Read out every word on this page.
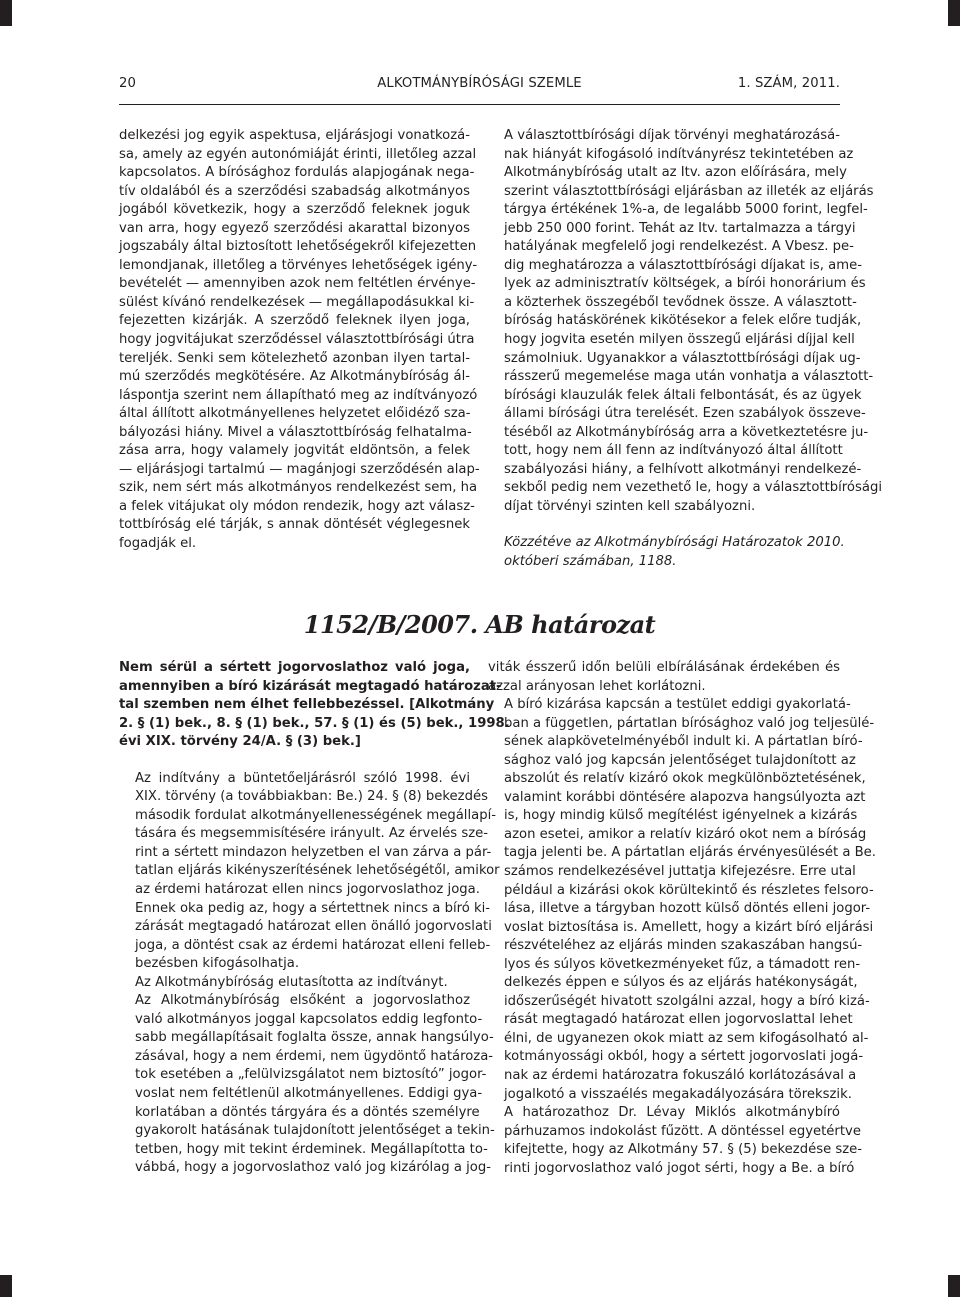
20	ALKOTMÁNYBÍRÓSÁGI SZEMLE	1. SZÁM, 2011.

delkezési jog egyik aspektusa, eljárásjogi vonatkozá-
sa, amely az egyén autonómiáját érinti, illetőleg azzal
kapcsolatos. A bírósághoz fordulás alapjogának nega-
tív oldalából és a szerződési szabadság alkotmányos
jogából következik, hogy a szerződő feleknek joguk
van arra, hogy egyező szerződési akarattal bizonyos
jogszabály által biztosított lehetőségekről kifejezetten
lemondjanak, illetőleg a törvényes lehetőségek igény-
bevételét — amennyiben azok nem feltétlen érvénye-
sülést kívánó rendelkezések — megállapodásukkal ki-
fejezetten kizárják. A szerződő feleknek ilyen joga,
hogy jogvitájukat szerződéssel választottbírósági útra
tereljék. Senki sem kötelezhető azonban ilyen tartal-
mú szerződés megkötésére. Az Alkotmánybíróság ál-
láspontja szerint nem állapítható meg az indítványozó
által állított alkotmányellenes helyzetet előidéző sza-
bályozási hiány. Mivel a választottbíróság felhatalma-
zása arra, hogy valamely jogvitát eldöntsön, a felek
— eljárásjogi tartalmú — magánjogi szerződésén alap-
szik, nem sért más alkotmányos rendelkezést sem, ha
a felek vitájukat oly módon rendezik, hogy azt válasz-
tottbíróság elé tárják, s annak döntését véglegesnek
fogadják el.

A választottbírósági díjak törvényi meghatározásá-
nak hiányát kifogásoló indítványrész tekintetében az
Alkotmánybíróság utalt az Itv. azon előírására, mely
szerint választottbírósági eljárásban az illeték az eljárás
tárgya értékének 1%-a, de legalább 5000 forint, legfel-
jebb 250 000 forint. Tehát az Itv. tartalmazza a tárgyi
hatályának megfelelő jogi rendelkezést. A Vbesz. pe-
dig meghatározza a választottbírósági díjakat is, ame-
lyek az adminisztratív költségek, a bírói honorárium és
a közterhek összegéből tevődnek össze. A választott-
bíróság hatáskörének kikötésekor a felek előre tudják,
hogy jogvita esetén milyen összegű eljárási díjjal kell
számolniuk. Ugyanakkor a választottbírósági díjak ug-
rásszerű megemelése maga után vonhatja a választott-
bírósági klauzulák felek általi felbontását, és az ügyek
állami bírósági útra terelését. Ezen szabályok összeve-
téséből az Alkotmánybíróság arra a következtetésre ju-
tott, hogy nem áll fenn az indítványozó által állított
szabályozási hiány, a felhívott alkotmányi rendelkezé-
sekből pedig nem vezethető le, hogy a választottbírósági
díjat törvényi szinten kell szabályozni.

Közzétéve az Alkotmánybírósági Határozatok 2010.
októberi számában, 1188.

1152/B/2007. AB határozat

Nem sérül a sértett jogorvoslathoz való joga,
amennyiben a bíró kizárását megtagadó határozat-
tal szemben nem élhet fellebbezéssel. [Alkotmány
2. § (1) bek., 8. § (1) bek., 57. § (1) és (5) bek., 1998.
évi XIX. törvény 24/A. § (3) bek.]

Az indítvány a büntetőeljárásról szóló 1998. évi
XIX. törvény (a továbbiakban: Be.) 24. § (8) bekezdés
második fordulat alkotmányellenességének megállapí-
tására és megsemmisítésére irányult. Az érvelés sze-
rint a sértett mindazon helyzetben el van zárva a pár-
tatlan eljárás kikényszerítésének lehetőségétől, amikor
az érdemi határozat ellen nincs jogorvoslathoz joga.
Ennek oka pedig az, hogy a sértettnek nincs a bíró ki-
zárását megtagadó határozat ellen önálló jogorvoslati
joga, a döntést csak az érdemi határozat elleni felleb-
bezésben kifogásolhatja.

Az Alkotmánybíróság elutasította az indítványt.

Az Alkotmánybíróság elsőként a jogorvoslathoz
való alkotmányos joggal kapcsolatos eddig legfonto-
sabb megállapításait foglalta össze, annak hangsúlyo-
zásával, hogy a nem érdemi, nem ügydöntő határoza-
tok esetében a „felülvizsgálatot nem biztosító” jogor-
voslat nem feltétlenül alkotmányellenes. Eddigi gya-
korlatában a döntés tárgyára és a döntés személyre
gyakorolt hatásának tulajdonított jelentőséget a tekin-
tetben, hogy mit tekint érdeminek. Megállapította to-
vábbá, hogy a jogorvoslathoz való jog kizárólag a jog-

viták ésszerű időn belüli elbírálásának érdekében és
azzal arányosan lehet korlátozni.

A bíró kizárása kapcsán a testület eddigi gyakorlatá-
ban a független, pártatlan bírósághoz való jog teljesülé-
sének alapkövetelményéből indult ki. A pártatlan bíró-
sághoz való jog kapcsán jelentőséget tulajdonított az
abszolút és relatív kizáró okok megkülönböztetésének,
valamint korábbi döntésére alapozva hangsúlyozta azt
is, hogy mindig külső megítélést igényelnek a kizárás
azon esetei, amikor a relatív kizáró okot nem a bíróság
tagja jelenti be. A pártatlan eljárás érvényesülését a Be.
számos rendelkezésével juttatja kifejezésre. Erre utal
például a kizárási okok körültekintő és részletes felsoro-
lása, illetve a tárgyban hozott külső döntés elleni jogor-
voslat biztosítása is. Amellett, hogy a kizárt bíró eljárási
részvételéhez az eljárás minden szakaszában hangsú-
lyos és súlyos következményeket fűz, a támadott ren-
delkezés éppen e súlyos és az eljárás hatékonyságát,
időszerűségét hivatott szolgálni azzal, hogy a bíró kizá-
rását megtagadó határozat ellen jogorvoslattal lehet
élni, de ugyanezen okok miatt az sem kifogásolható al-
kotmányossági okból, hogy a sértett jogorvoslati jogá-
nak az érdemi határozatra fokuszáló korlátozásával a
jogalkotó a visszaélés megakadályozására törekszik.

A határozathoz Dr. Lévay Miklós alkotmánybíró
párhuzamos indokolást fűzött. A döntéssel egyetértve
kifejtette, hogy az Alkotmány 57. § (5) bekezdése sze-
rinti jogorvoslathoz való jogot sérti, hogy a Be. a bíró
